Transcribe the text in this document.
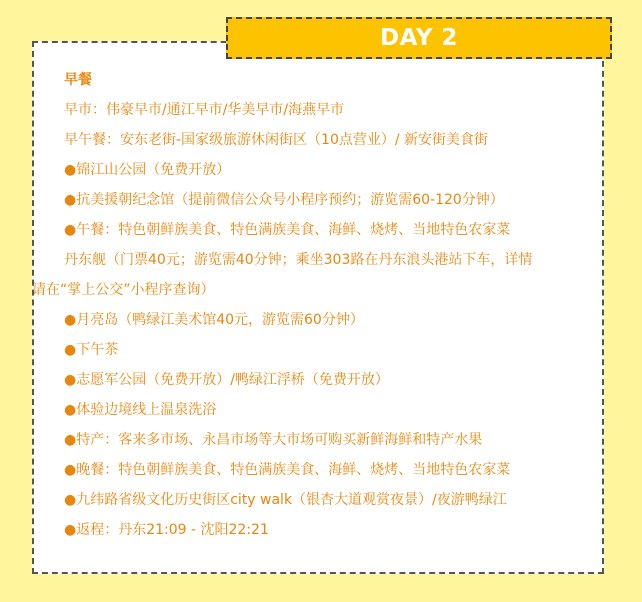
DAY 2
早餐
早市：伟豪早市/通江早市/华美早市/海燕早市
早午餐：安东老街-国家级旅游休闲街区（10点营业）/ 新安街美食街
●锦江山公园（免费开放）
●抗美援朝纪念馆（提前微信公众号小程序预约；游览需60-120分钟）
●午餐：特色朝鲜族美食、特色满族美食、海鲜、烧烤、当地特色农家菜
丹东舰（门票40元；游览需40分钟；乘坐303路在丹东浪头港站下车，详情
请在“掌上公交”小程序查询）
●月亮岛（鸭绿江美术馆40元，游览需60分钟）
●下午茶
●志愿军公园（免费开放）/鸭绿江浮桥（免费开放）
●体验边境线上温泉洗浴
●特产：客来多市场、永昌市场等大市场可购买新鲜海鲜和特产水果
●晚餐：特色朝鲜族美食、特色满族美食、海鲜、烧烤、当地特色农家菜
●九纬路省级文化历史街区city walk（银杏大道观赏夜景）/夜游鸭绿江
●返程：丹东21:09 - 沈阳22:21
